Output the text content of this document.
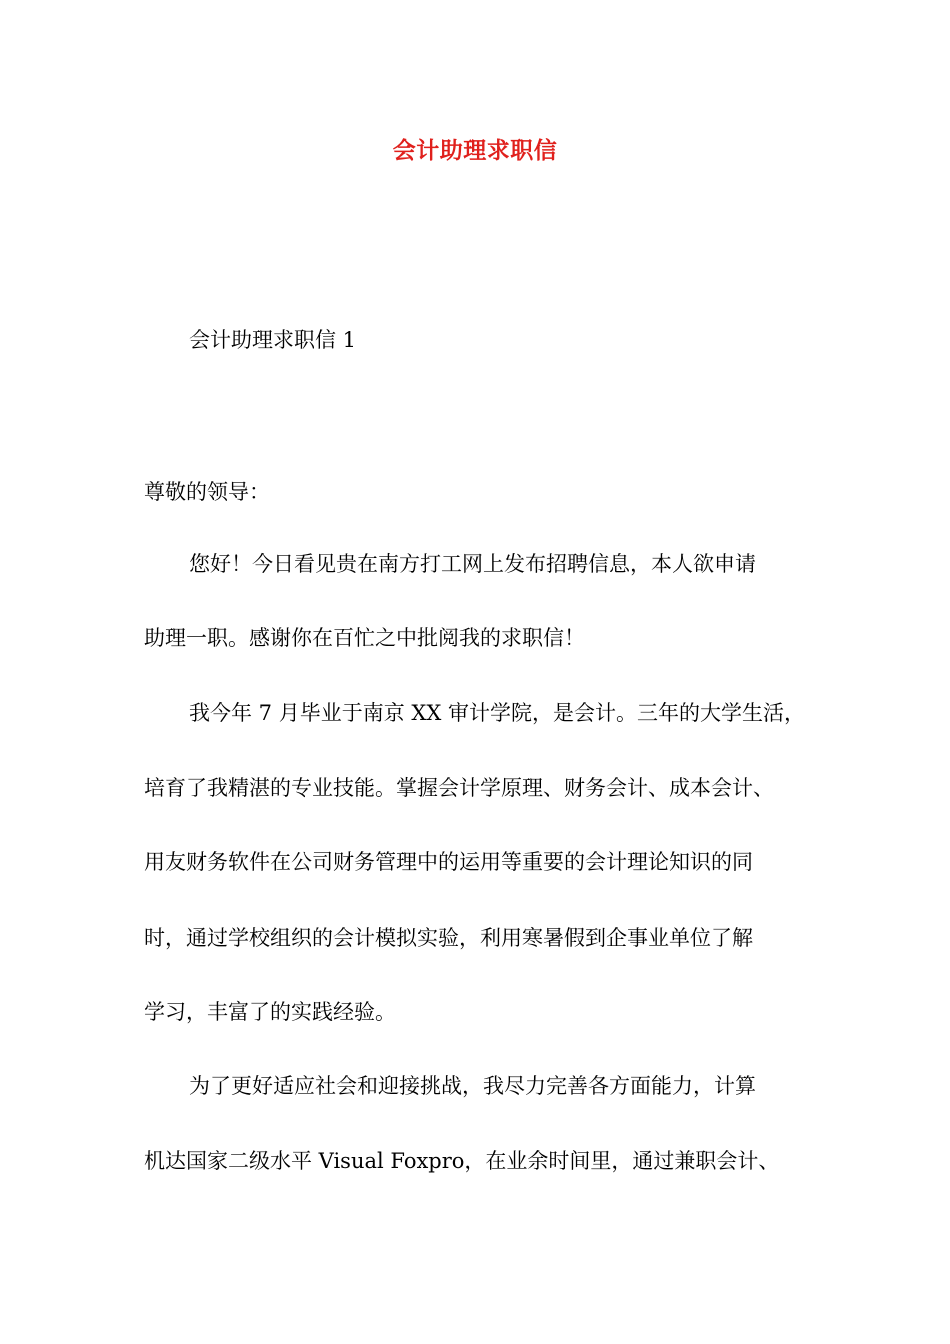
会计助理求职信

会计助理求职信 1

尊敬的领导：

您好！今日看见贵在南方打工网上发布招聘信息，本人欲申请

助理一职。感谢你在百忙之中批阅我的求职信！

我今年 7 月毕业于南京 XX 审计学院，是会计。三年的大学生活，

培育了我精湛的专业技能。掌握会计学原理、财务会计、成本会计、

用友财务软件在公司财务管理中的运用等重要的会计理论知识的同

时，通过学校组织的会计模拟实验，利用寒暑假到企事业单位了解

学习，丰富了的实践经验。

为了更好适应社会和迎接挑战，我尽力完善各方面能力，计算

机达国家二级水平 Visual Foxpro，在业余时间里，通过兼职会计、
